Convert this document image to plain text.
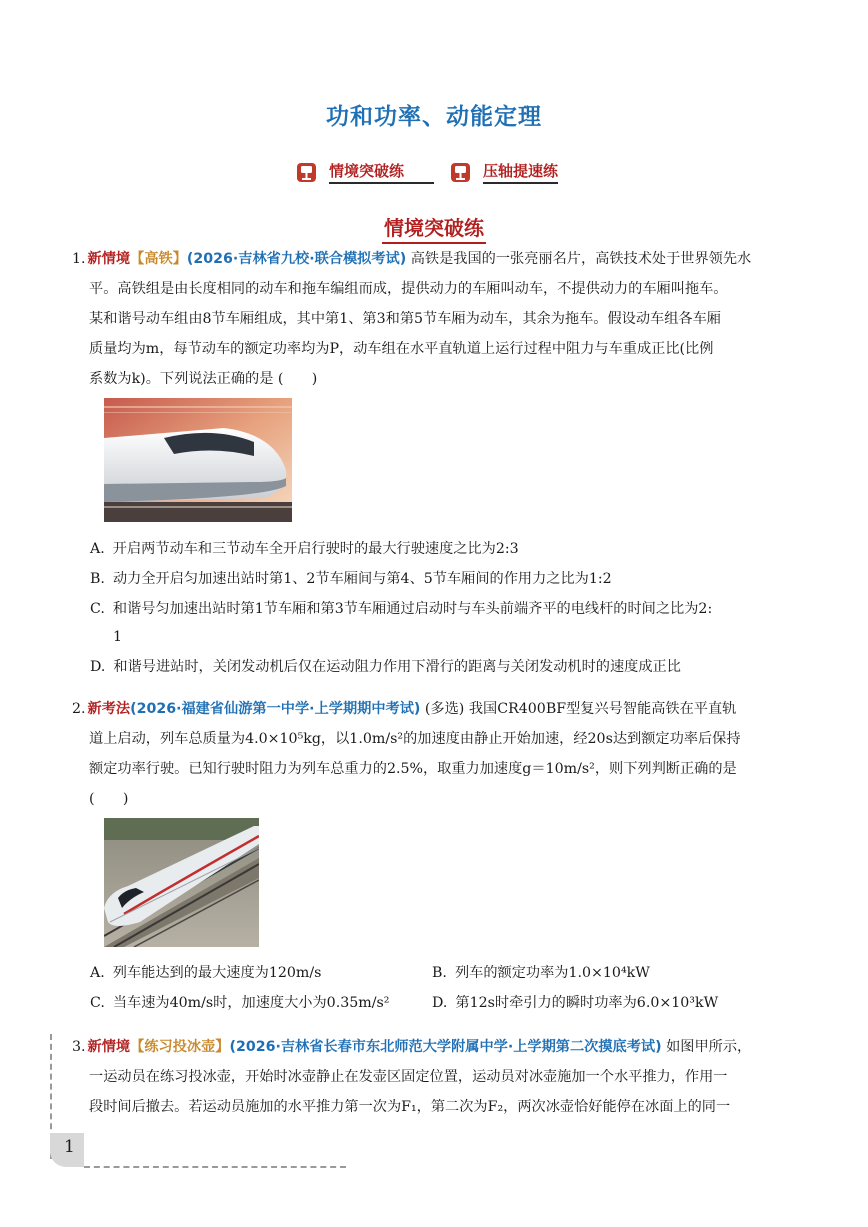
功和功率、动能定理
情境突破练	压轴提速练
情境突破练
1. 新情境【高铁】(2026·吉林省九校·联合模拟考试) 高铁是我国的一张亮丽名片，高铁技术处于世界领先水
平。高铁组是由长度相同的动车和拖车编组而成，提供动力的车厢叫动车，不提供动力的车厢叫拖车。
某和谐号动车组由8节车厢组成，其中第1、第3和第5节车厢为动车，其余为拖车。假设动车组各车厢
质量均为m，每节动车的额定功率均为P，动车组在水平直轨道上运行过程中阻力与车重成正比(比例
系数为k)。下列说法正确的是 (　　)
A. 开启两节动车和三节动车全开启行驶时的最大行驶速度之比为2:3
B. 动力全开启匀加速出站时第1、2节车厢间与第4、5节车厢间的作用力之比为1:2
C. 和谐号匀加速出站时第1节车厢和第3节车厢通过启动时与车头前端齐平的电线杆的时间之比为2:
1
D. 和谐号进站时，关闭发动机后仅在运动阻力作用下滑行的距离与关闭发动机时的速度成正比
2. 新考法(2026·福建省仙游第一中学·上学期期中考试) (多选) 我国CR400BF型复兴号智能高铁在平直轨
道上启动，列车总质量为4.0×10⁵kg，以1.0m/s²的加速度由静止开始加速，经20s达到额定功率后保持
额定功率行驶。已知行驶时阻力为列车总重力的2.5%，取重力加速度g＝10m/s²，则下列判断正确的是
(　　)
A. 列车能达到的最大速度为120m/s	B. 列车的额定功率为1.0×10⁴kW
C. 当车速为40m/s时，加速度大小为0.35m/s²	D. 第12s时牵引力的瞬时功率为6.0×10³kW
3. 新情境【练习投冰壶】(2026·吉林省长春市东北师范大学附属中学·上学期第二次摸底考试) 如图甲所示，
一运动员在练习投冰壶，开始时冰壶静止在发壶区固定位置，运动员对冰壶施加一个水平推力，作用一
段时间后撤去。若运动员施加的水平推力第一次为F₁，第二次为F₂，两次冰壶恰好能停在冰面上的同一
1
